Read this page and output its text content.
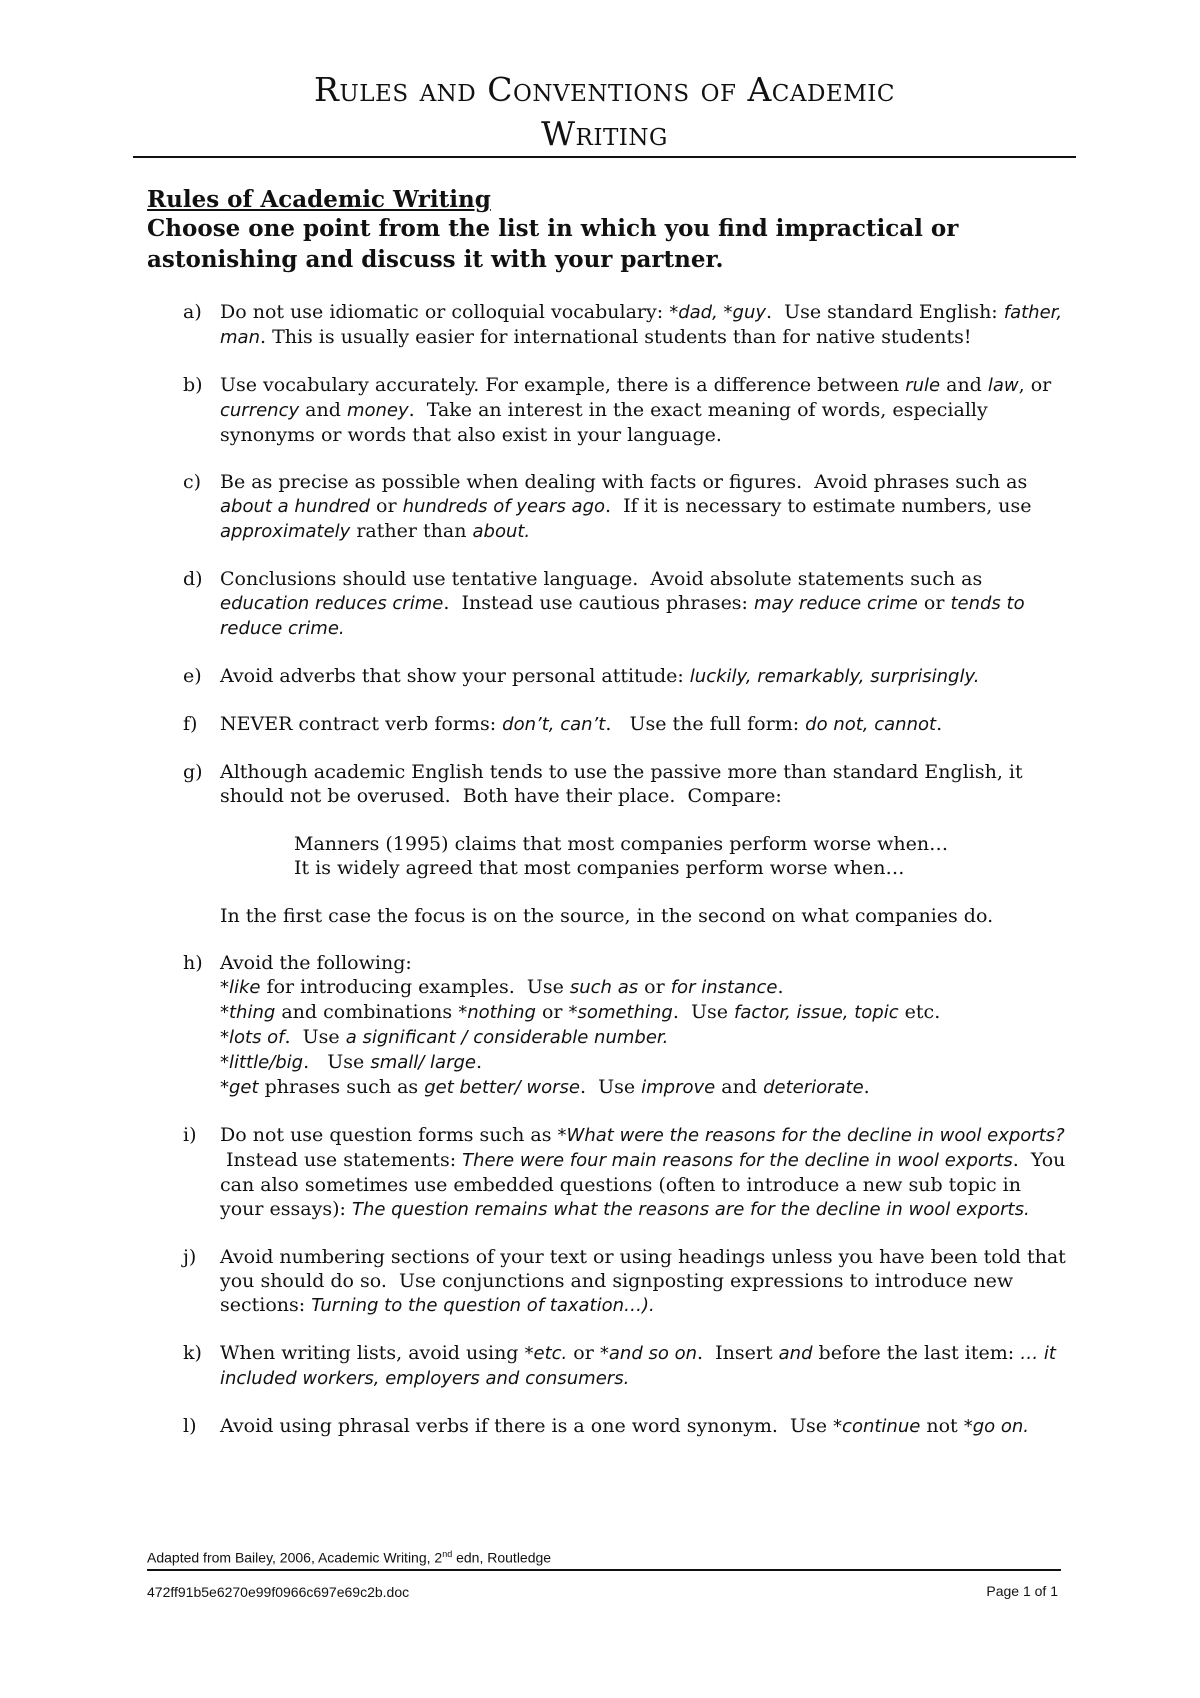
Rules and Conventions of Academic
Writing
Rules of Academic Writing
Choose one point from the list in which you find impractical or astonishing and discuss it with your partner.
a) Do not use idiomatic or colloquial vocabulary: *dad, *guy.  Use standard English: father, man. This is usually easier for international students than for native students!

b) Use vocabulary accurately. For example, there is a difference between rule and law, or currency and money.  Take an interest in the exact meaning of words, especially synonyms or words that also exist in your language.

c) Be as precise as possible when dealing with facts or figures.  Avoid phrases such as about a hundred or hundreds of years ago.  If it is necessary to estimate numbers, use approximately rather than about.

d) Conclusions should use tentative language.  Avoid absolute statements such as education reduces crime.  Instead use cautious phrases: may reduce crime or tends to reduce crime.

e) Avoid adverbs that show your personal attitude: luckily, remarkably, surprisingly.

f) NEVER contract verb forms: don’t, can’t.   Use the full form: do not, cannot.

g) Although academic English tends to use the passive more than standard English, it should not be overused.  Both have their place.  Compare:

Manners (1995) claims that most companies perform worse when…
It is widely agreed that most companies perform worse when…

In the first case the focus is on the source, in the second on what companies do.

h) Avoid the following:
*like for introducing examples.  Use such as or for instance.
*thing and combinations *nothing or *something.  Use factor, issue, topic etc.
*lots of.  Use a significant / considerable number.
*little/big.   Use small/ large.
*get phrases such as get better/ worse.  Use improve and deteriorate.

i) Do not use question forms such as *What were the reasons for the decline in wool exports?  Instead use statements: There were four main reasons for the decline in wool exports.  You can also sometimes use embedded questions (often to introduce a new sub topic in your essays): The question remains what the reasons are for the decline in wool exports.

j) Avoid numbering sections of your text or using headings unless you have been told that you should do so.  Use conjunctions and signposting expressions to introduce new sections: Turning to the question of taxation…).

k) When writing lists, avoid using *etc. or *and so on.  Insert and before the last item: … it included workers, employers and consumers.

l) Avoid using phrasal verbs if there is a one word synonym.  Use *continue not *go on.

Adapted from Bailey, 2006, Academic Writing, 2nd edn, Routledge
472ff91b5e6270e99f0966c697e69c2b.doc	Page 1 of 1
